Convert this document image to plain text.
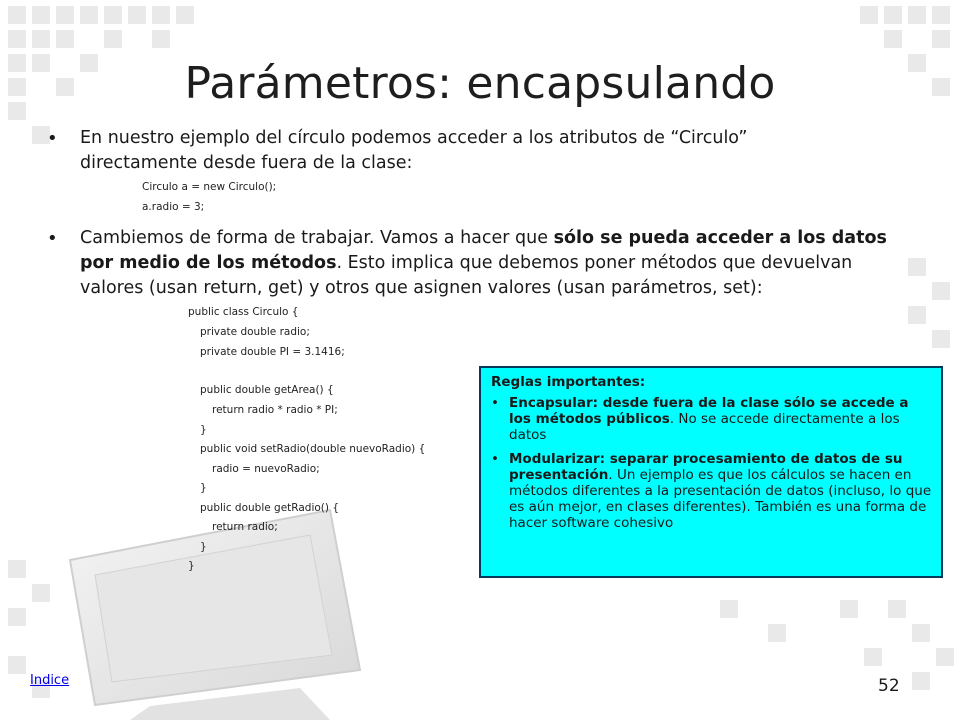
Parámetros: encapsulando
• En nuestro ejemplo del círculo podemos acceder a los atributos de “Circulo”
directamente desde fuera de la clase:
Circulo a = new Circulo();
a.radio = 3;
• Cambiemos de forma de trabajar. Vamos a hacer que sólo se pueda acceder a los datos
por medio de los métodos. Esto implica que debemos poner métodos que devuelvan
valores (usan return, get) y otros que asignen valores (usan parámetros, set):
public class Circulo {
private double radio;
private double PI = 3.1416;
public double getArea() {
return radio * radio * PI;
}
public void setRadio(double nuevoRadio) {
radio = nuevoRadio;
}
public double getRadio() {
return radio;
}
}
Reglas importantes:
• Encapsular: desde fuera de la clase sólo se accede a los métodos públicos. No se accede directamente a los datos
• Modularizar: separar procesamiento de datos de su presentación. Un ejemplo es que los cálculos se hacen en métodos diferentes a la presentación de datos (incluso, lo que es aún mejor, en clases diferentes). También es una forma de hacer software cohesivo
Indice	52
